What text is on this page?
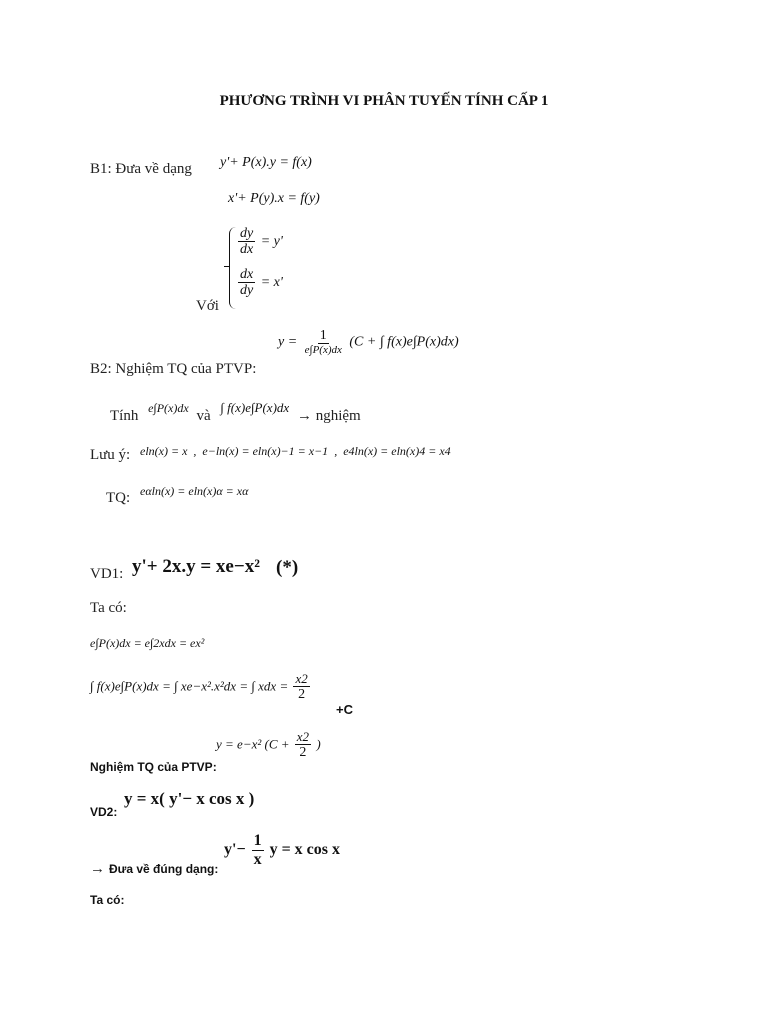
PHƯƠNG TRÌNH VI PHÂN TUYẾN TÍNH CẤP 1
B1: Đưa về dạng y'+ P(x).y = f(x)
x'+ P(y).x = f(y)
$\frac{dy}{dx} = y'$
$\frac{dx}{dy} = x'$
Với
$y = \frac{1}{e\int P(x)dx} (C$ + ∫ f(x)e∫P(x)dx)
B2: Nghiệm TQ của PTVP:
Tính $^{e\int P(x)dx}$ và ∫ f(x)e∫P(x)dx → nghiệm
Lưu ý: eln(x) = x , e−ln(x) = eln(x)−1 = x−1 , e4ln(x) = eln(x)4 = x4
TQ: eαln(x) = eln(x)α = xα
VD1: y'+ 2x.y = xe−x² (*)
Ta có:
e∫P(x)dx = e∫2xdx = ex²
∫ f(x)e∫P(x)dx = ∫ xe−x².x²dx = ∫ xdx = $\frac{x2}{2}$
+C
y = e−x² ($C + \frac{x2}{2}$ )
Nghiệm TQ của PTVP:
VD2:
y = x( y'− x cos x )
→ Đưa về đúng dạng:
$y'- \frac{1}{x}$ y = x cos x
Ta có:
